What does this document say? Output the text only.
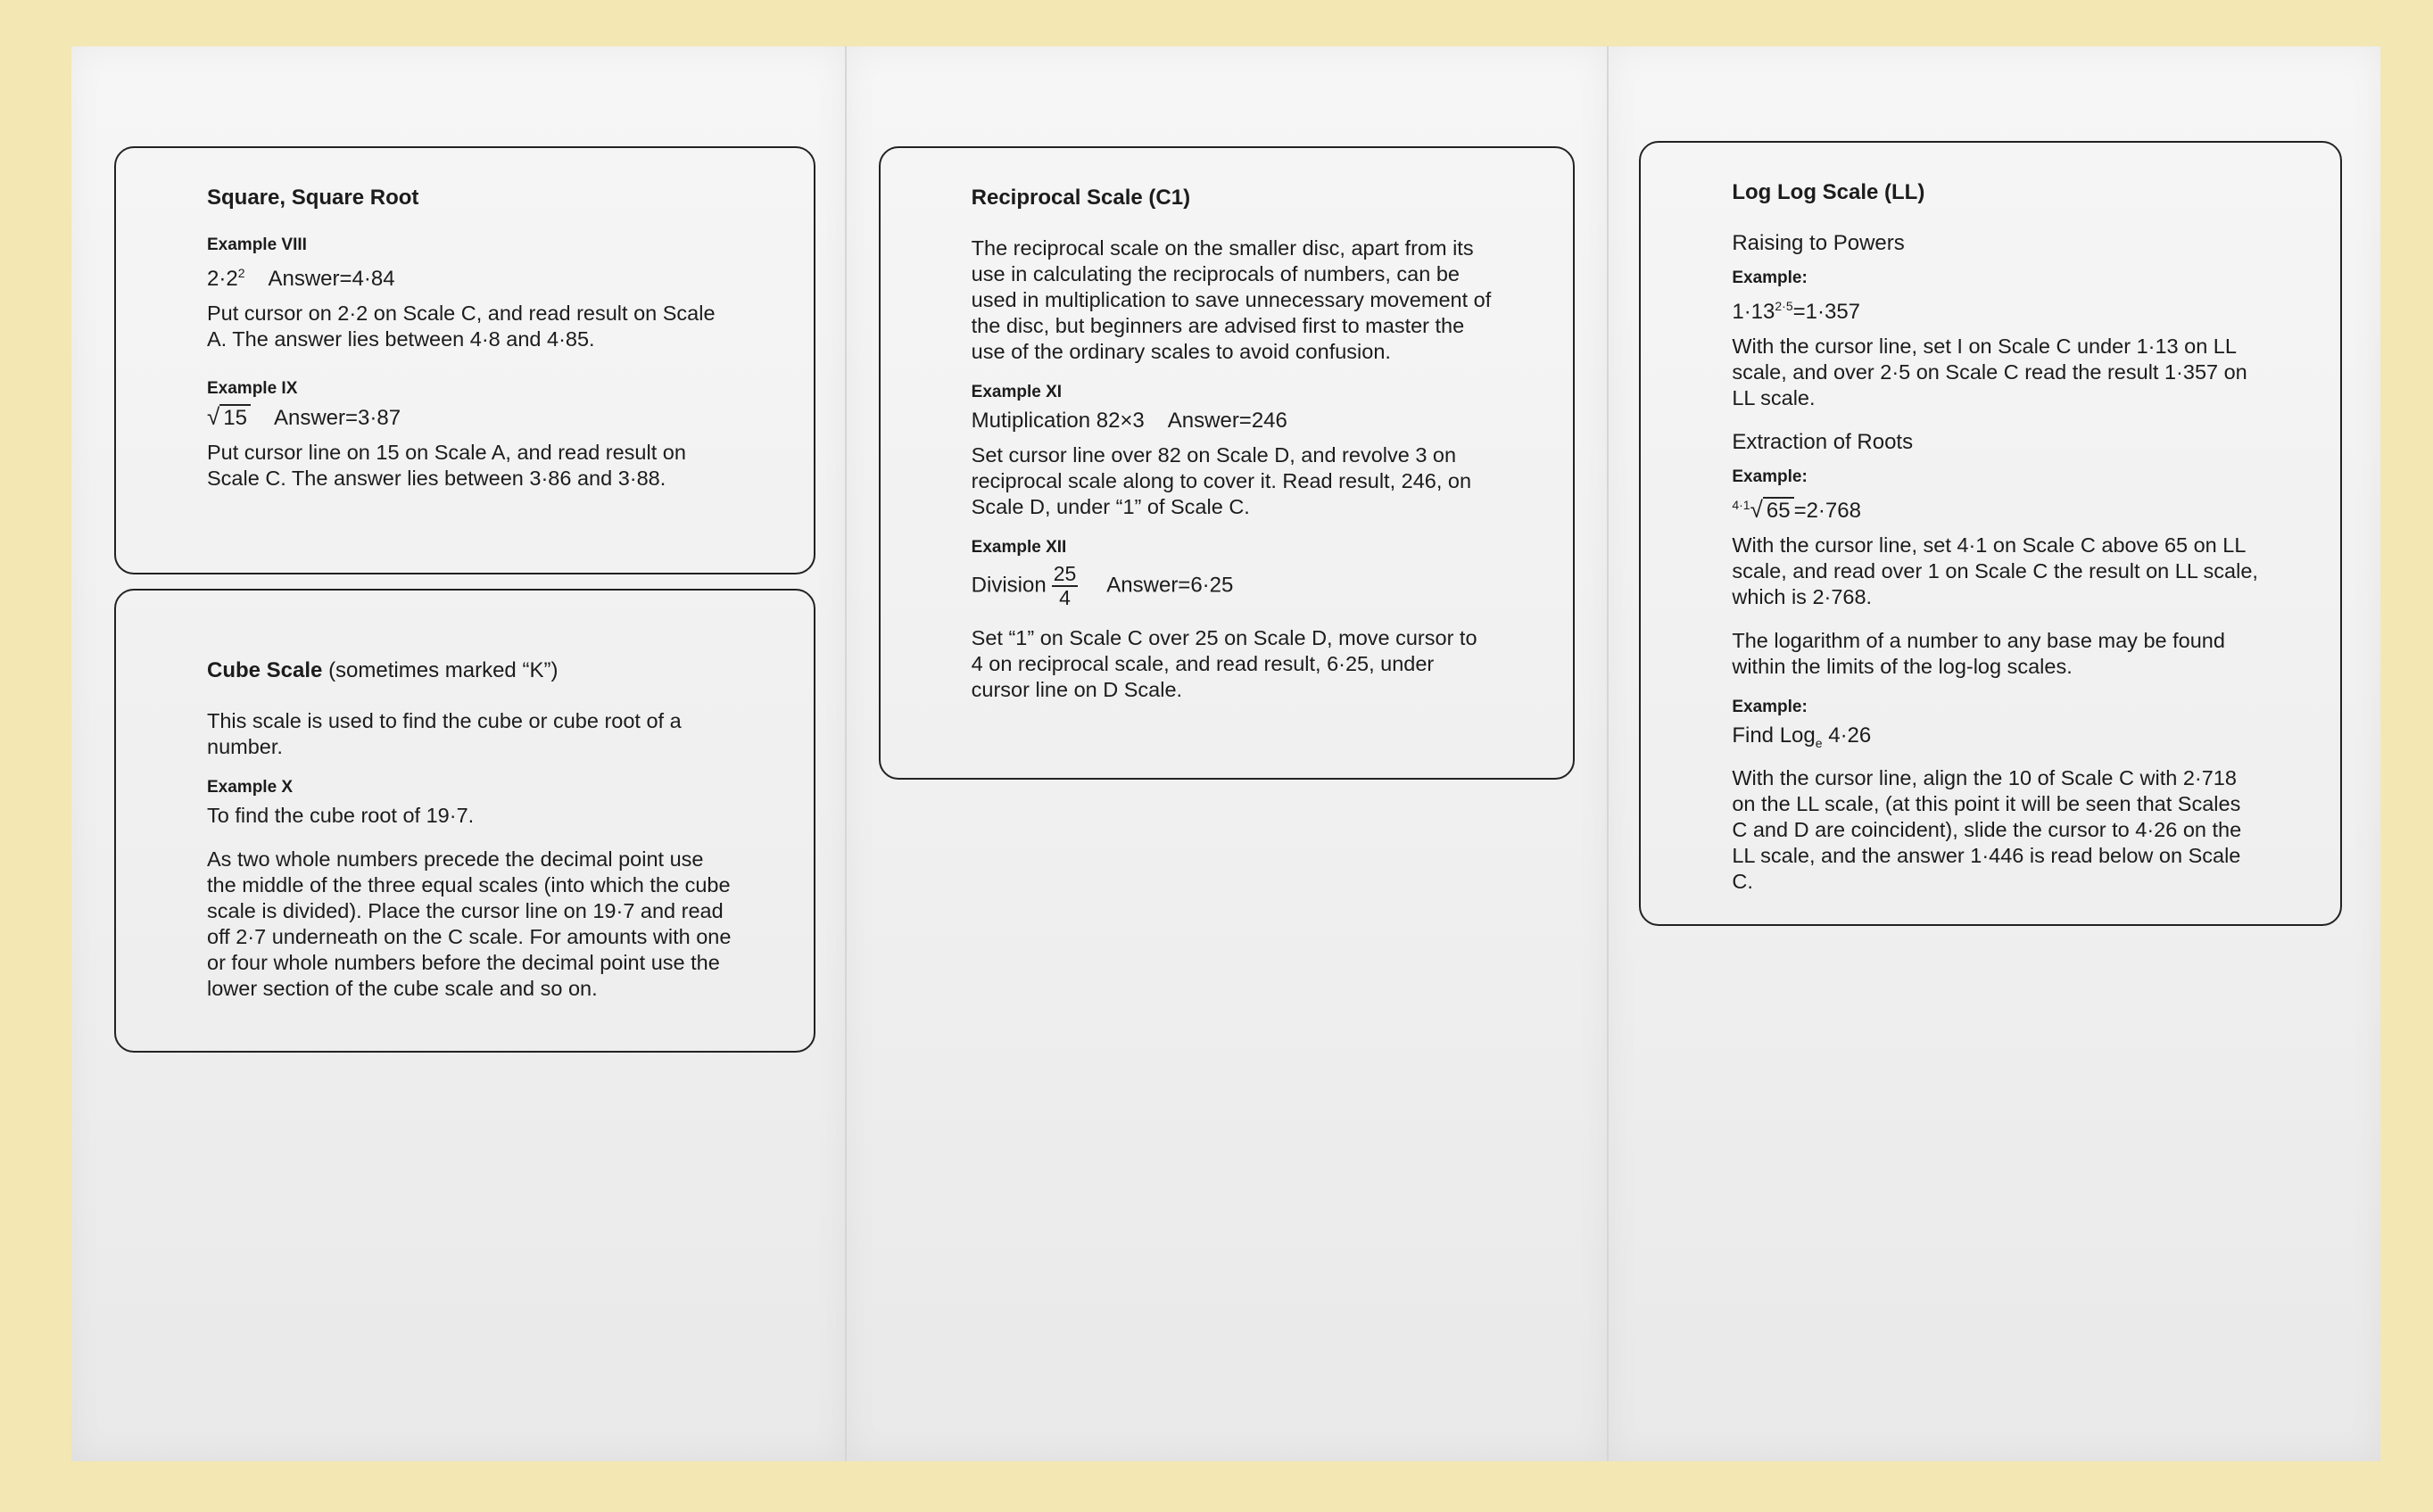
Square, Square Root
Example VIII
$2\cdot 2^2$ Answer=4·84
Put cursor on 2·2 on Scale C, and read result on Scale A. The answer lies between 4·8 and 4·85.
Example IX
√ 15 Answer=3·87
Put cursor line on 15 on Scale A, and read result on Scale C. The answer lies between 3·86 and 3·88.
Cube Scale (sometimes marked “K”)
This scale is used to find the cube or cube root of a number.
Example X
To find the cube root of 19·7.
As two whole numbers precede the decimal point use the middle of the three equal scales (into which the cube scale is divided). Place the cursor line on 19·7 and read off 2·7 underneath on the C scale. For amounts with one or four whole numbers before the decimal point use the lower section of the cube scale and so on.
Reciprocal Scale (C1)
The reciprocal scale on the smaller disc, apart from its use in calculating the reciprocals of numbers, can be used in multiplication to save unnecessary movement of the disc, but beginners are advised first to master the use of the ordinary scales to avoid confusion.
Example XI
Mutiplication 82×3 Answer=246
Set cursor line over 82 on Scale D, and revolve 3 on reciprocal scale along to cover it. Read result, 246, on Scale D, under “1” of Scale C.
Example XII
Division $\frac{25}{4}$ Answer=6·25
Set “1” on Scale C over 25 on Scale D, move cursor to 4 on reciprocal scale, and read result, 6·25, under cursor line on D Scale.
Log Log Scale (LL)
Raising to Powers
Example:
$1\cdot 13^{2\cdot 5}=1\cdot 357$
With the cursor line, set I on Scale C under 1·13 on LL scale, and over 2·5 on Scale C read the result 1·357 on LL scale.
Extraction of Roots
Example:
$^{4\cdot 1}$√ 65 =2·768
With the cursor line, set 4·1 on Scale C above 65 on LL scale, and read over 1 on Scale C the result on LL scale, which is 2·768.
The logarithm of a number to any base may be found within the limits of the log-log scales.
Example:
Find Log$_e$ 4·26
With the cursor line, align the 10 of Scale C with 2·718 on the LL scale, (at this point it will be seen that Scales C and D are coincident), slide the cursor to 4·26 on the LL scale, and the answer 1·446 is read below on Scale C.
